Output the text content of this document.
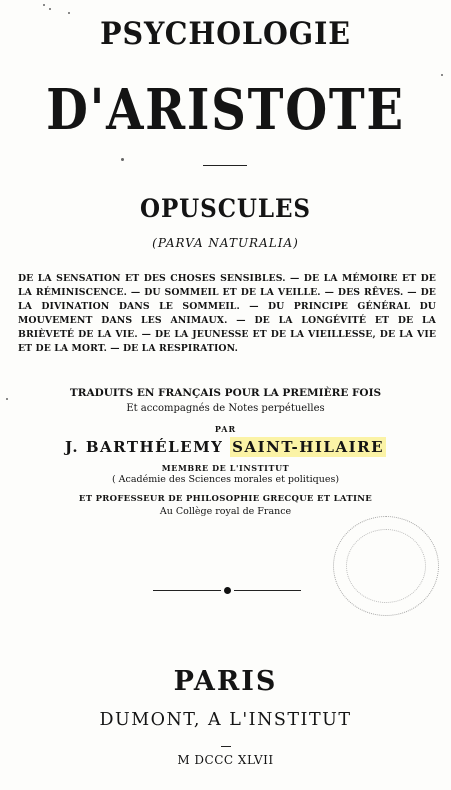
PSYCHOLOGIE
D'ARISTOTE
OPUSCULES
(PARVA NATURALIA)
DE LA SENSATION ET DES CHOSES SENSIBLES. — DE LA MÉMOIRE ET DE LA RÉMINISCENCE. — DU SOMMEIL ET DE LA VEILLE. — DES RÊVES. — DE LA DIVINATION DANS LE SOMMEIL. — DU PRINCIPE GÉNÉRAL DU MOUVEMENT DANS LES ANIMAUX. — DE LA LONGÉVITÉ ET DE LA BRIÈVETÉ DE LA VIE. — DE LA JEUNESSE ET DE LA VIEILLESSE, DE LA VIE ET DE LA MORT. — DE LA RESPIRATION.
TRADUITS EN FRANÇAIS POUR LA PREMIÈRE FOIS
Et accompagnés de Notes perpétuelles
PAR
J. BARTHÉLEMY SAINT-HILAIRE
MEMBRE DE L'INSTITUT
( Académie des Sciences morales et politiques)
ET PROFESSEUR DE PHILOSOPHIE GRECQUE ET LATINE
Au Collège royal de France
PARIS
DUMONT, A L'INSTITUT
M DCCC XLVII
